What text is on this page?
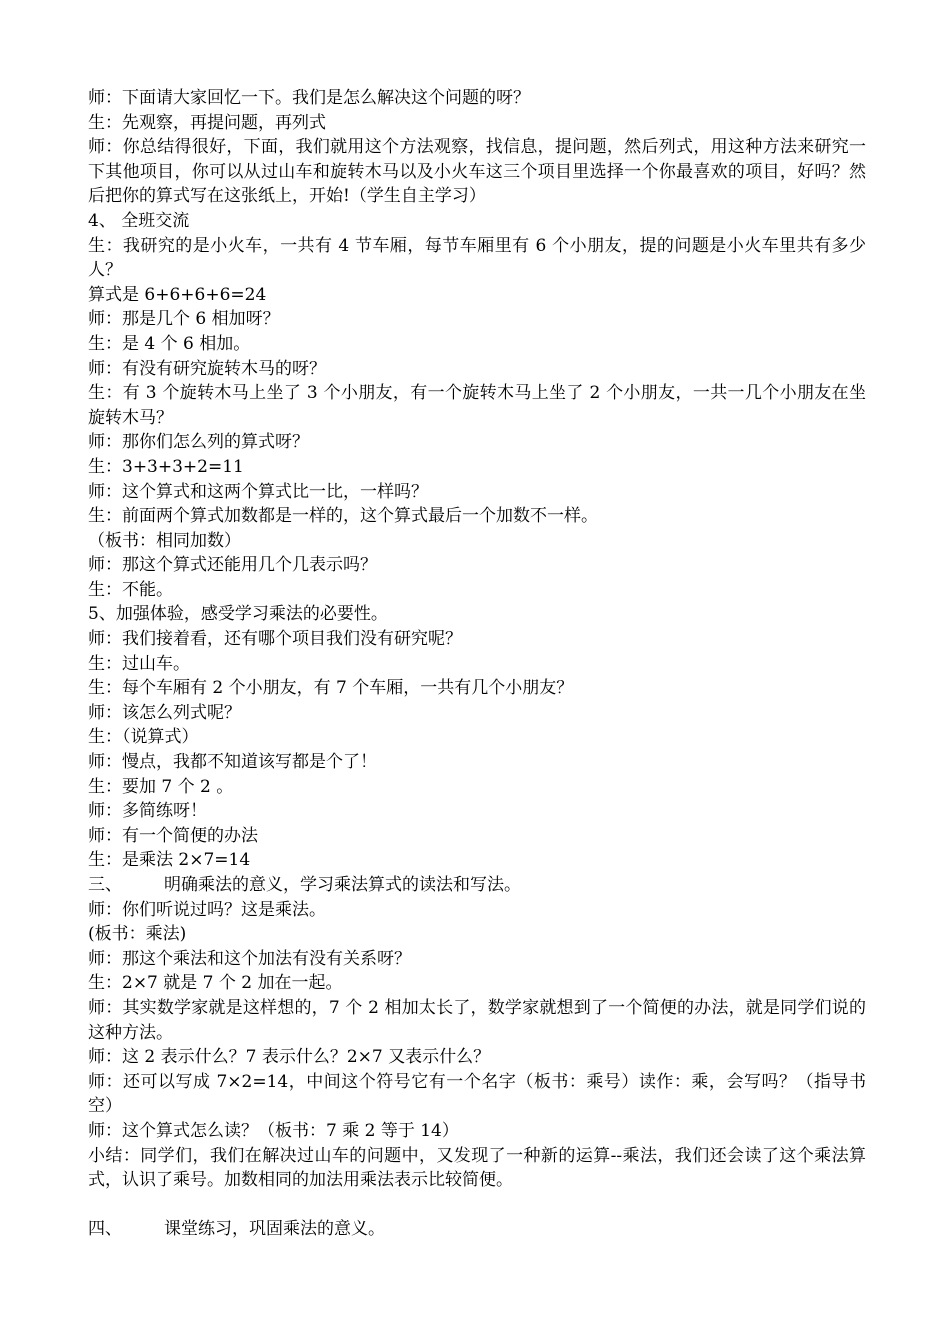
师：下面请大家回忆一下。我们是怎么解决这个问题的呀？

生：先观察，再提问题，再列式

师：你总结得很好，下面，我们就用这个方法观察，找信息，提问题，然后列式，用这种方法来研究一下其他项目，你可以从过山车和旋转木马以及小火车这三个项目里选择一个你最喜欢的项目，好吗？然后把你的算式写在这张纸上，开始!（学生自主学习）

4、 全班交流

生：我研究的是小火车，一共有 4 节车厢，每节车厢里有 6 个小朋友，提的问题是小火车里共有多少人？

算式是 6+6+6+6=24

师：那是几个 6 相加呀？

生：是 4 个 6 相加。

师：有没有研究旋转木马的呀？

生：有 3 个旋转木马上坐了 3 个小朋友，有一个旋转木马上坐了 2 个小朋友，一共一几个小朋友在坐旋转木马？

师：那你们怎么列的算式呀？

生：3+3+3+2=11

师：这个算式和这两个算式比一比，一样吗？

生：前面两个算式加数都是一样的，这个算式最后一个加数不一样。

（板书：相同加数）

师：那这个算式还能用几个几表示吗？

生：不能。

5、加强体验，感受学习乘法的必要性。

师：我们接着看，还有哪个项目我们没有研究呢？

生：过山车。

生：每个车厢有 2 个小朋友，有 7 个车厢，一共有几个小朋友？

师：该怎么列式呢？

生：（说算式）

师：慢点，我都不知道该写都是个了！

生：要加 7 个 2 。

师：多简练呀！

师：有一个简便的办法

生：是乘法 2×7=14

三、 明确乘法的意义，学习乘法算式的读法和写法。

师：你们听说过吗？这是乘法。

(板书：乘法)

师：那这个乘法和这个加法有没有关系呀？

生：2×7 就是 7 个 2 加在一起。

师：其实数学家就是这样想的，7 个 2 相加太长了，数学家就想到了一个简便的办法，就是同学们说的这种方法。

师：这 2 表示什么？7 表示什么？2×7 又表示什么？

师：还可以写成 7×2=14，中间这个符号它有一个名字（板书：乘号）读作：乘，会写吗？（指导书空）

师：这个算式怎么读？（板书：7 乘 2 等于 14）

小结：同学们，我们在解决过山车的问题中，又发现了一种新的运算--乘法，我们还会读了这个乘法算式，认识了乘号。加数相同的加法用乘法表示比较简便。

四、 课堂练习，巩固乘法的意义。
